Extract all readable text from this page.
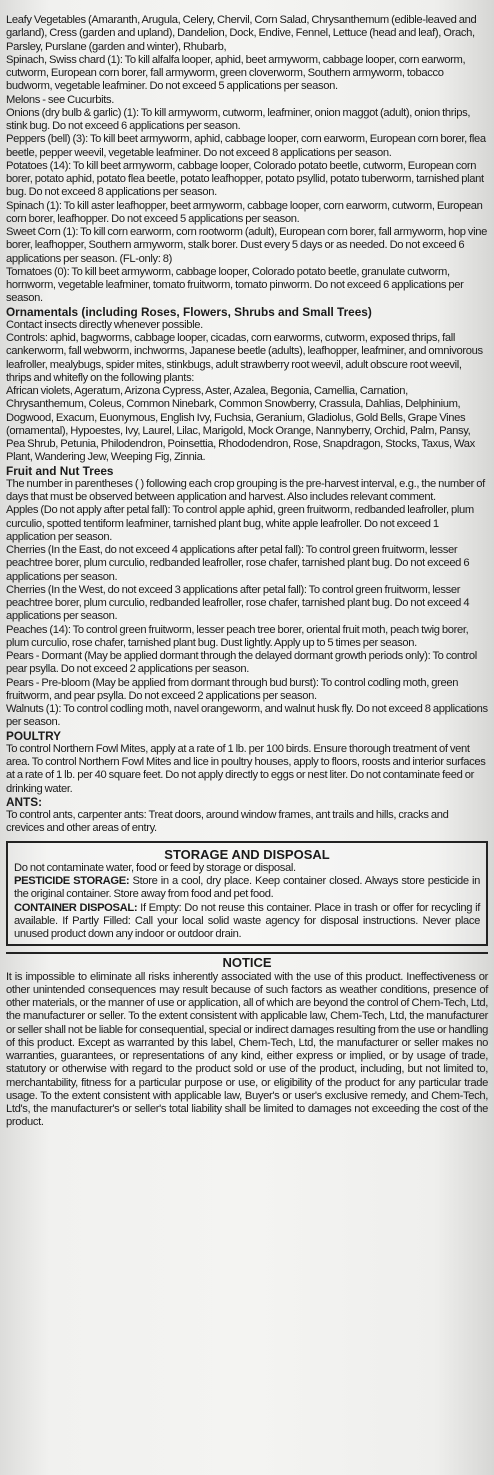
Leafy Vegetables (Amaranth, Arugula, Celery, Chervil, Corn Salad, Chrysanthemum (edible-leaved and garland), Cress (garden and upland), Dandelion, Dock, Endive, Fennel, Lettuce (head and leaf), Orach, Parsley, Purslane (garden and winter), Rhubarb,

Spinach, Swiss chard (1): To kill alfalfa looper, aphid, beet armyworm, cabbage looper, corn earworm, cutworm, European corn borer, fall armyworm, green cloverworm, Southern armyworm, tobacco budworm, vegetable leafminer. Do not exceed 5 applications per season.

Melons - see Cucurbits.

Onions (dry bulb & garlic) (1): To kill armyworm, cutworm, leafminer, onion maggot (adult), onion thrips, stink bug. Do not exceed 6 applications per season.

Peppers (bell) (3): To kill beet armyworm, aphid, cabbage looper, corn earworm, European corn borer, flea beetle, pepper weevil, vegetable leafminer. Do not exceed 8 applications per season.

Potatoes (14): To kill beet armyworm, cabbage looper, Colorado potato beetle, cutworm, European corn borer, potato aphid, potato flea beetle, potato leafhopper, potato psyllid, potato tuberworm, tarnished plant bug. Do not exceed 8 applications per season.

Spinach (1): To kill aster leafhopper, beet armyworm, cabbage looper, corn earworm, cutworm, European corn borer, leafhopper. Do not exceed 5 applications per season.

Sweet Corn (1): To kill corn earworm, corn rootworm (adult), European corn borer, fall armyworm, hop vine borer, leafhopper, Southern armyworm, stalk borer. Dust every 5 days or as needed. Do not exceed 6 applications per season. (FL-only: 8)

Tomatoes (0): To kill beet armyworm, cabbage looper, Colorado potato beetle, granulate cutworm, hornworm, vegetable leafminer, tomato fruitworm, tomato pinworm. Do not exceed 6 applications per season.

Ornamentals (including Roses, Flowers, Shrubs and Small Trees)

Contact insects directly whenever possible.

Controls: aphid, bagworms, cabbage looper, cicadas, corn earworms, cutworm, exposed thrips, fall cankerworm, fall webworm, inchworms, Japanese beetle (adults), leafhopper, leafminer, and omnivorous leafroller, mealybugs, spider mites, stinkbugs, adult strawberry root weevil, adult obscure root weevil, thrips and whitefly on the following plants:

African violets, Ageratum, Arizona Cypress, Aster, Azalea, Begonia, Camellia, Carnation, Chrysanthemum, Coleus, Common Ninebark, Common Snowberry, Crassula, Dahlias, Delphinium, Dogwood, Exacum, Euonymous, English Ivy, Fuchsia, Geranium, Gladiolus, Gold Bells, Grape Vines (ornamental), Hypoestes, Ivy, Laurel, Lilac, Marigold, Mock Orange, Nannyberry, Orchid, Palm, Pansy, Pea Shrub, Petunia, Philodendron, Poinsettia, Rhododendron, Rose, Snapdragon, Stocks, Taxus, Wax Plant, Wandering Jew, Weeping Fig, Zinnia.

Fruit and Nut Trees

The number in parentheses ( ) following each crop grouping is the pre-harvest interval, e.g., the number of days that must be observed between application and harvest. Also includes relevant comment.

Apples (Do not apply after petal fall): To control apple aphid, green fruitworm, redbanded leafroller, plum curculio, spotted tentiform leafminer, tarnished plant bug, white apple leafroller. Do not exceed 1 application per season.

Cherries (In the East, do not exceed 4 applications after petal fall): To control green fruitworm, lesser peachtree borer, plum curculio, redbanded leafroller, rose chafer, tarnished plant bug. Do not exceed 6 applications per season.

Cherries (In the West, do not exceed 3 applications after petal fall): To control green fruitworm, lesser peachtree borer, plum curculio, redbanded leafroller, rose chafer, tarnished plant bug. Do not exceed 4 applications per season.

Peaches (14): To control green fruitworm, lesser peach tree borer, oriental fruit moth, peach twig borer, plum curculio, rose chafer, tarnished plant bug. Dust lightly. Apply up to 5 times per season.

Pears - Dormant (May be applied dormant through the delayed dormant growth periods only): To control pear psylla. Do not exceed 2 applications per season.

Pears - Pre-bloom (May be applied from dormant through bud burst): To control codling moth, green fruitworm, and pear psylla. Do not exceed 2 applications per season.

Walnuts (1): To control codling moth, navel orangeworm, and walnut husk fly. Do not exceed 8 applications per season.

POULTRY

To control Northern Fowl Mites, apply at a rate of 1 lb. per 100 birds. Ensure thorough treatment of vent area. To control Northern Fowl Mites and lice in poultry houses, apply to floors, roosts and interior surfaces at a rate of 1 lb. per 40 square feet. Do not apply directly to eggs or nest liter. Do not contaminate feed or drinking water.

ANTS:

To control ants, carpenter ants: Treat doors, around window frames, ant trails and hills, cracks and crevices and other areas of entry.

STORAGE AND DISPOSAL

Do not contaminate water, food or feed by storage or disposal.

PESTICIDE STORAGE: Store in a cool, dry place. Keep container closed. Always store pesticide in the original container. Store away from food and pet food.

CONTAINER DISPOSAL: If Empty: Do not reuse this container. Place in trash or offer for recycling if available. If Partly Filled: Call your local solid waste agency for disposal instructions. Never place unused product down any indoor or outdoor drain.

NOTICE

It is impossible to eliminate all risks inherently associated with the use of this product. Ineffectiveness or other unintended consequences may result because of such factors as weather conditions, presence of other materials, or the manner of use or application, all of which are beyond the control of Chem-Tech, Ltd, the manufacturer or seller. To the extent consistent with applicable law, Chem-Tech, Ltd, the manufacturer or seller shall not be liable for consequential, special or indirect damages resulting from the use or handling of this product. Except as warranted by this label, Chem-Tech, Ltd, the manufacturer or seller makes no warranties, guarantees, or representations of any kind, either express or implied, or by usage of trade, statutory or otherwise with regard to the product sold or use of the product, including, but not limited to, merchantability, fitness for a particular purpose or use, or eligibility of the product for any particular trade usage. To the extent consistent with applicable law, Buyer's or user's exclusive remedy, and Chem-Tech, Ltd's, the manufacturer's or seller's total liability shall be limited to damages not exceeding the cost of the product.
